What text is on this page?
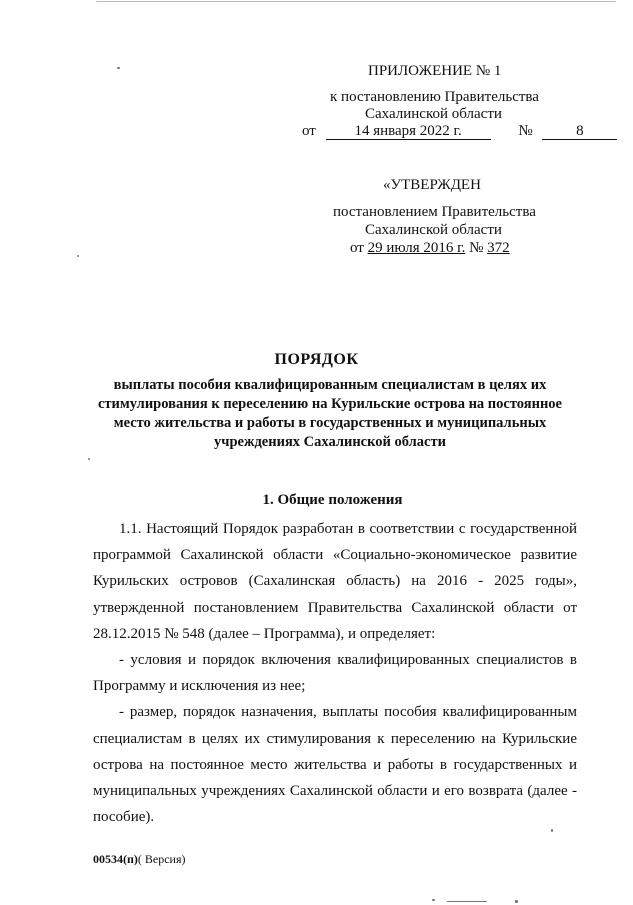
ПРИЛОЖЕНИЕ № 1
к постановлению Правительства
Сахалинской области
от	14 января 2022 г.	№	8
«УТВЕРЖДЕН
постановлением Правительства
Сахалинской области
от 29 июля 2016 г. № 372
ПОРЯДОК
выплаты пособия квалифицированным специалистам в целях их
стимулирования к переселению на Курильские острова на постоянное
место жительства и работы в государственных и муниципальных
учреждениях Сахалинской области
1. Общие положения

1.1. Настоящий Порядок разработан в соответствии с государственной

программой Сахалинской области «Социально-экономическое развитие

Курильских островов (Сахалинская область) на 2016 - 2025 годы»,

утвержденной постановлением Правительства Сахалинской области от

28.12.2015 № 548 (далее – Программа), и определяет:

- условия и порядок включения квалифицированных специалистов в

Программу и исключения из нее;

- размер, порядок назначения, выплаты пособия квалифицированным

специалистам в целях их стимулирования к переселению на Курильские

острова на постоянное место жительства и работы в государственных и

муниципальных учреждениях Сахалинской области и его возврата (далее -

пособие).

00534(п)( Версия)
